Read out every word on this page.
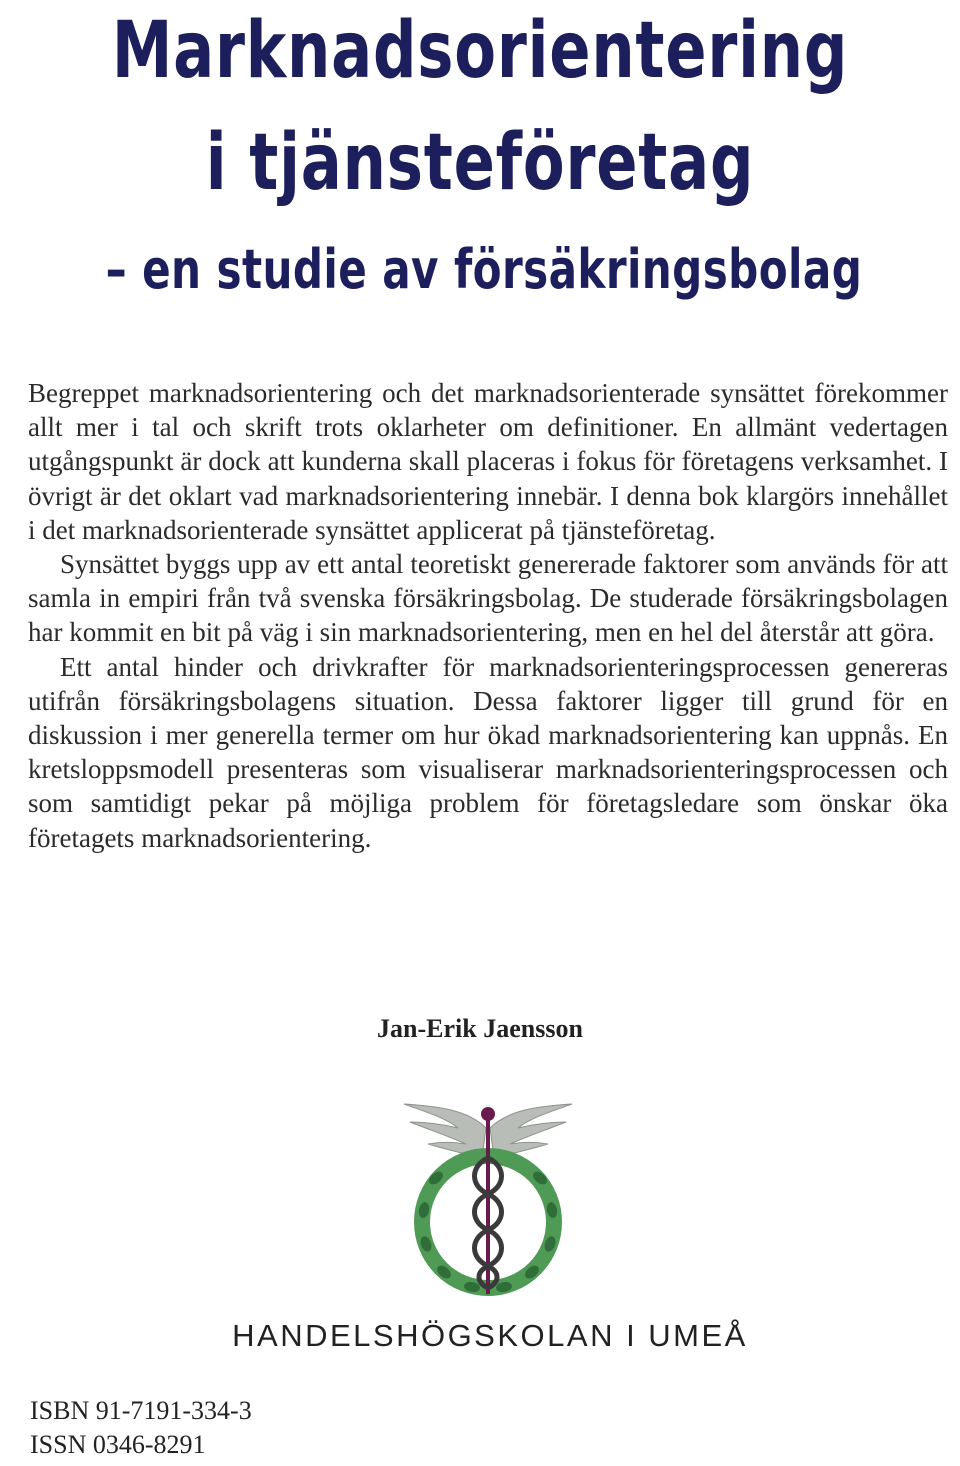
Marknadsorientering
i tjänsteföretag
– en studie av försäkringsbolag

Begreppet marknadsorientering och det marknadsorienterade synsättet förekommer allt mer i tal och skrift trots oklarheter om definitioner. En allmänt vedertagen utgångspunkt är dock att kunderna skall placeras i fokus för företagens verksamhet. I övrigt är det oklart vad marknadsorientering innebär. I denna bok klargörs innehållet i det marknadsorienterade synsättet applicerat på tjänsteföretag.

Synsättet byggs upp av ett antal teoretiskt genererade faktorer som används för att samla in empiri från två svenska försäkringsbolag. De studerade försäkringsbolagen har kommit en bit på väg i sin marknadsorientering, men en hel del återstår att göra.

Ett antal hinder och drivkrafter för marknadsorienteringsprocessen genereras utifrån försäkringsbolagens situation. Dessa faktorer ligger till grund för en diskussion i mer generella termer om hur ökad marknadsorientering kan uppnås. En kretsloppsmodell presenteras som visualiserar marknadsorienteringsprocessen och som samtidigt pekar på möjliga problem för företagsledare som önskar öka företagets marknadsorientering.

Jan-Erik Jaensson
HANDELSHÖGSKOLAN I UMEÅ
ISBN 91-7191-334-3
ISSN 0346-8291
